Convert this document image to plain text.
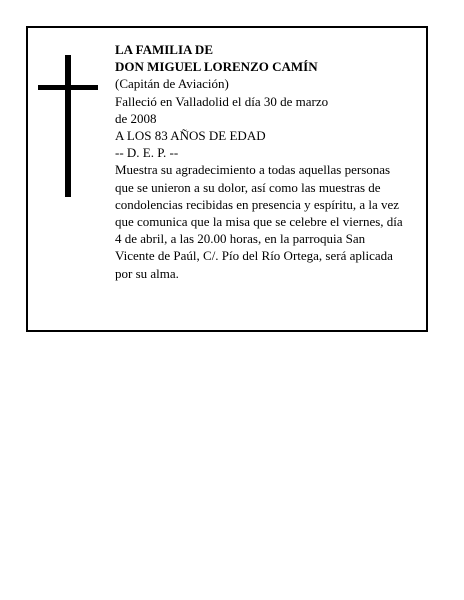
LA FAMILIA DE
DON MIGUEL LORENZO CAMÍN
(Capitán de Aviación)
Falleció en Valladolid el día 30 de marzo
de 2008
A LOS 83 AÑOS DE EDAD
-- D. E. P. --
Muestra su agradecimiento a todas aquellas personas
que se unieron a su dolor, así como las muestras de
condolencias recibidas en presencia y espíritu, a la vez
que comunica que la misa que se celebre el viernes, día
4 de abril, a las 20.00 horas, en la parroquia San
Vicente de Paúl, C/. Pío del Río Ortega, será aplicada
por su alma.
